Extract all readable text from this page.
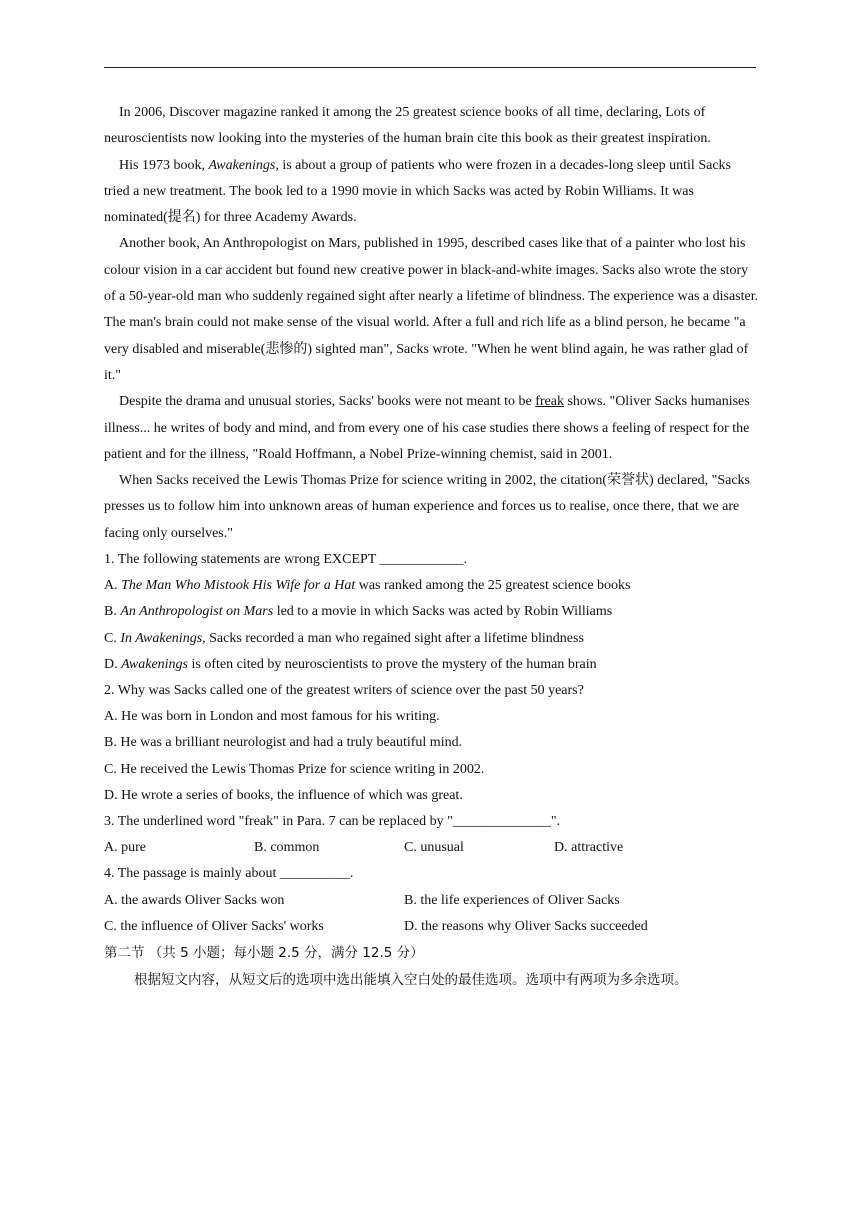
In 2006, Discover magazine ranked it among the 25 greatest science books of all time, declaring, Lots of neuroscientists now looking into the mysteries of the human brain cite this book as their greatest inspiration.

His 1973 book, Awakenings, is about a group of patients who were frozen in a decades-long sleep until Sacks tried a new treatment. The book led to a 1990 movie in which Sacks was acted by Robin Williams. It was nominated(提名) for three Academy Awards.

Another book, An Anthropologist on Mars, published in 1995, described cases like that of a painter who lost his colour vision in a car accident but found new creative power in black-and-white images. Sacks also wrote the story of a 50-year-old man who suddenly regained sight after nearly a lifetime of blindness. The experience was a disaster. The man's brain could not make sense of the visual world. After a full and rich life as a blind person, he became "a very disabled and miserable(悲惨的) sighted man", Sacks wrote. "When he went blind again, he was rather glad of it."

Despite the drama and unusual stories, Sacks' books were not meant to be freak shows. "Oliver Sacks humanises illness... he writes of body and mind, and from every one of his case studies there shows a feeling of respect for the patient and for the illness, "Roald Hoffmann, a Nobel Prize-winning chemist, said in 2001.

When Sacks received the Lewis Thomas Prize for science writing in 2002, the citation(荣誉状) declared, "Sacks presses us to follow him into unknown areas of human experience and forces us to realise, once there, that we are facing only ourselves."

1. The following statements are wrong EXCEPT ____________.

A. The Man Who Mistook His Wife for a Hat was ranked among the 25 greatest science books

B. An Anthropologist on Mars led to a movie in which Sacks was acted by Robin Williams

C. In Awakenings, Sacks recorded a man who regained sight after a lifetime blindness

D. Awakenings is often cited by neuroscientists to prove the mystery of the human brain

2. Why was Sacks called one of the greatest writers of science over the past 50 years?

A. He was born in London and most famous for his writing.

B. He was a brilliant neurologist and had a truly beautiful mind.

C. He received the Lewis Thomas Prize for science writing in 2002.

D. He wrote a series of books, the influence of which was great.

3. The underlined word "freak" in Para. 7 can be replaced by "______________".

A. pure	B. common	C. unusual	D. attractive

4. The passage is mainly about __________.

A. the awards Oliver Sacks won	B. the life experiences of Oliver Sacks
C. the influence of Oliver Sacks' works	D. the reasons why Oliver Sacks succeeded

第二节 （共 5 小题；每小题 2.5 分，满分 12.5 分）

根据短文内容，从短文后的选项中选出能填入空白处的最佳选项。选项中有两项为多余选项。
